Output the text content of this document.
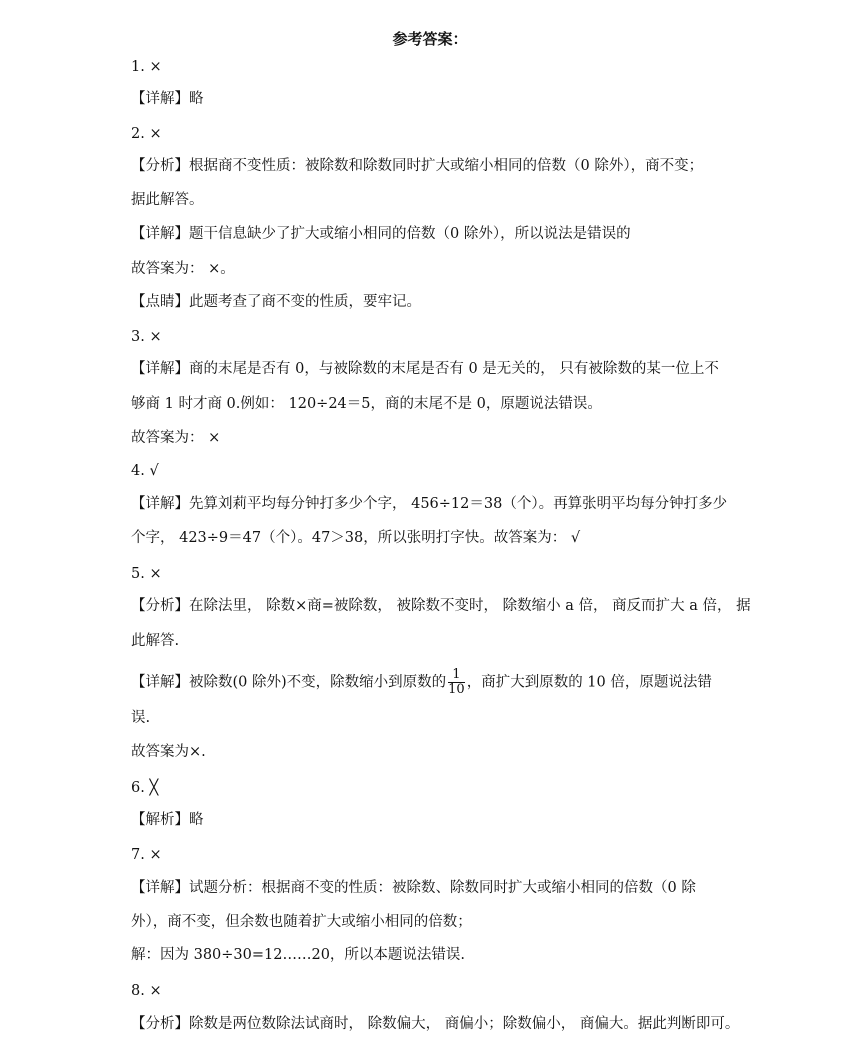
参考答案：
1. ×
【详解】略
2. ×
【分析】根据商不变性质：被除数和除数同时扩大或缩小相同的倍数（0 除外），商不变；
据此解答。
【详解】题干信息缺少了扩大或缩小相同的倍数（0 除外），所以说法是错误的
故答案为： ×。
【点睛】此题考查了商不变的性质，要牢记。
3. ×
【详解】商的末尾是否有 0，与被除数的末尾是否有 0 是无关的， 只有被除数的某一位上不
够商 1 时才商 0.例如： 120÷24＝5，商的末尾不是 0，原题说法错误。
故答案为： ×
4. √
【详解】先算刘莉平均每分钟打多少个字， 456÷12＝38（个）。再算张明平均每分钟打多少
个字， 423÷9＝47（个）。47＞38，所以张明打字快。故答案为： √
5. ×
【分析】在除法里， 除数×商=被除数， 被除数不变时， 除数缩小 a 倍， 商反而扩大 a 倍， 据
此解答.
【详解】被除数(0 除外)不变，除数缩小到原数的 $\frac{1}{10}$ ，商扩大到原数的 10 倍，原题说法错
误.
故答案为×.
6. ╳
【解析】略
7. ×
【详解】试题分析：根据商不变的性质：被除数、除数同时扩大或缩小相同的倍数（0 除
外），商不变，但余数也随着扩大或缩小相同的倍数；
解：因为 380÷30=12……20，所以本题说法错误.
8. ×
【分析】除数是两位数除法试商时， 除数偏大， 商偏小；除数偏小， 商偏大。据此判断即可。
